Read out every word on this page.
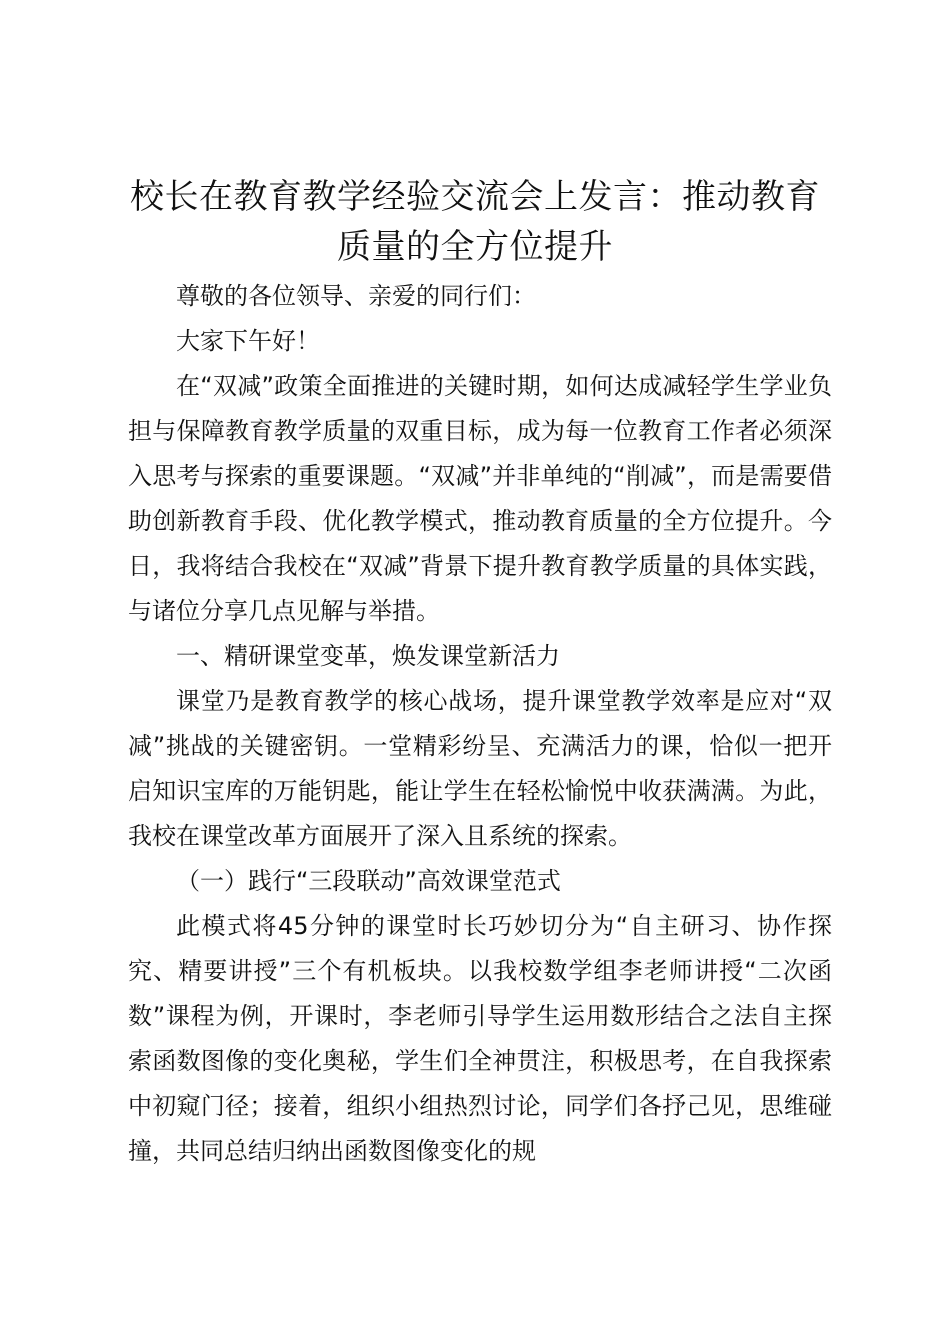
校长在教育教学经验交流会上发言：推动教育
质量的全方位提升

尊敬的各位领导、亲爱的同行们：

大家下午好！

在“双减”政策全面推进的关键时期，如何达成减轻学生学业负担与保障教育教学质量的双重目标，成为每一位教育工作者必须深入思考与探索的重要课题。“双减”并非单纯的“削减”，而是需要借助创新教育手段、优化教学模式，推动教育质量的全方位提升。今日，我将结合我校在“双减”背景下提升教育教学质量的具体实践，与诸位分享几点见解与举措。

一、精研课堂变革，焕发课堂新活力

课堂乃是教育教学的核心战场，提升课堂教学效率是应对“双减”挑战的关键密钥。一堂精彩纷呈、充满活力的课，恰似一把开启知识宝库的万能钥匙，能让学生在轻松愉悦中收获满满。为此，我校在课堂改革方面展开了深入且系统的探索。

（一）践行“三段联动”高效课堂范式

此模式将45分钟的课堂时长巧妙切分为“自主研习、协作探究、精要讲授”三个有机板块。以我校数学组李老师讲授“二次函数”课程为例，开课时，李老师引导学生运用数形结合之法自主探索函数图像的变化奥秘，学生们全神贯注，积极思考，在自我探索中初窥门径；接着，组织小组热烈讨论，同学们各抒己见，思维碰撞，共同总结归纳出函数图像变化的规
